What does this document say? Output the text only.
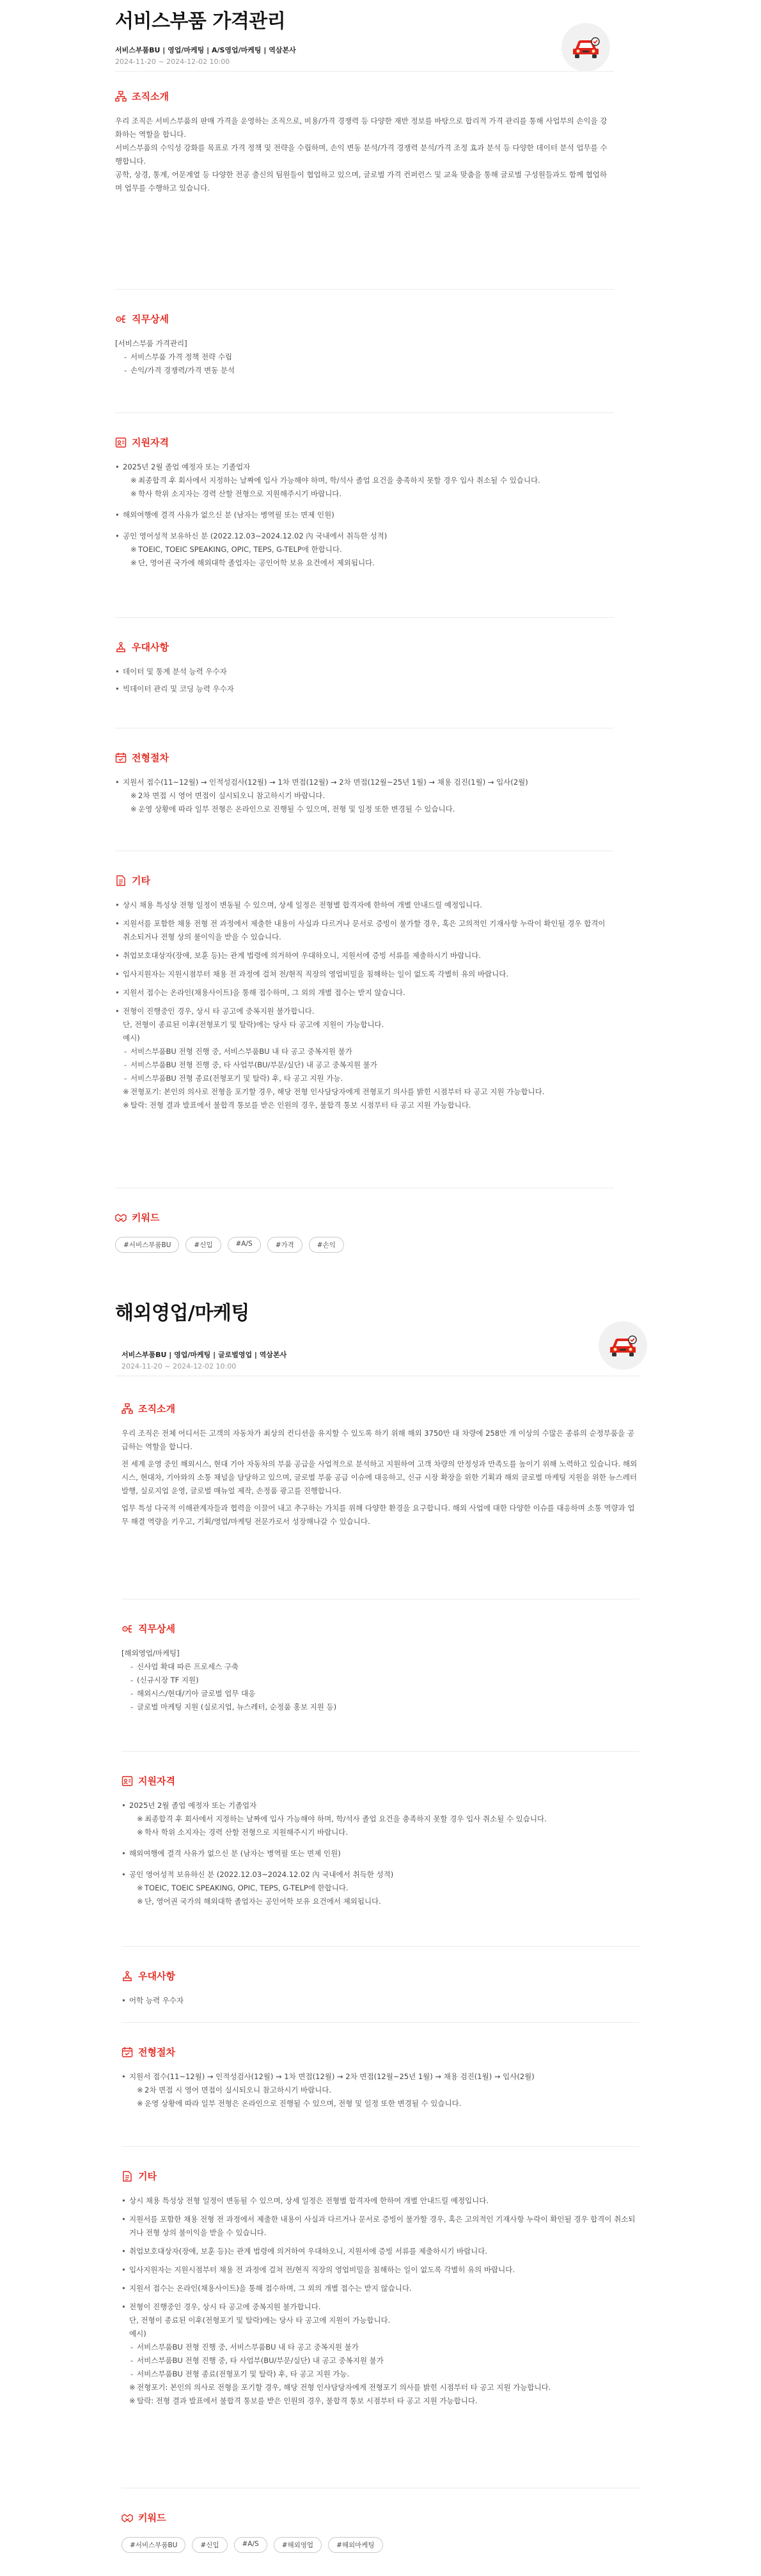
서비스부품 가격관리
서비스부품BU | 영업/마케팅 | A/S영업/마케팅 | 역삼본사
2024-11-20 ~ 2024-12-02 10:00
조직소개

우리 조직은 서비스부품의 판매 가격을 운영하는 조직으로, 비용/가격 경쟁력 등 다양한 재반 정보를 바탕으로 합리적 가격 관리를 통해 사업부의 손익을 강화하는 역할을 합니다.

서비스부품의 수익성 강화를 목표로 가격 정책 및 전략을 수립하며, 손익 변동 분석/가격 경쟁력 분석/가격 조정 효과 분석 등 다양한 데이터 분석 업무를 수행합니다.

공학, 상경, 통계, 어문계열 등 다양한 전공 출신의 팀원들이 협업하고 있으며, 글로벌 가격 컨퍼런스 및 교육 맞춤을 통해 글로벌 구성원들과도 함께 협업하며 업무를 수행하고 있습니다.

직무상세

[서비스부품 가격관리]

- 서비스부품 가격 정책 전략 수립
- 손익/가격 경쟁력/가격 변동 분석
지원자격
• 2025년 2월 졸업 예정자 또는 기졸업자
※ 최종합격 후 회사에서 지정하는 날짜에 입사 가능해야 하며, 학/석사 졸업 요건을 충족하지 못할 경우 입사 취소될 수 있습니다.
※ 학사 학위 소지자는 경력 산할 전형으로 지원해주시기 바랍니다.
• 해외여행에 결격 사유가 없으신 분 (남자는 병역필 또는 면제 인원)
• 공인 영어성적 보유하신 분 (2022.12.03~2024.12.02 內 국내에서 취득한 성적)
※ TOEIC, TOEIC SPEAKING, OPIC, TEPS, G-TELP에 한합니다.
※ 단, 영어권 국가에 해외대학 졸업자는 공인어학 보유 요건에서 제외됩니다.
우대사항
• 데이터 및 통계 분석 능력 우수자
• 빅데이터 관리 및 코딩 능력 우수자
전형절차
• 지원서 접수(11~12월) → 인적성검사(12월) → 1차 면접(12월) → 2차 면접(12월~25년 1월) → 채용 검진(1월) → 입사(2월)
※ 2차 면접 시 영어 면접이 실시되오니 참고하시기 바랍니다.
※ 운영 상황에 따라 일부 전형은 온라인으로 진행될 수 있으며, 전형 및 일정 또한 변경될 수 있습니다.
기타
• 상시 채용 특성상 전형 일정이 변동될 수 있으며, 상세 일정은 전형별 합격자에 한하여 개별 안내드릴 예정입니다.
• 지원서를 포함한 채용 전형 전 과정에서 제출한 내용이 사실과 다르거나 문서로 증빙이 불가할 경우, 혹은 고의적인 기재사항 누락이 확인될 경우 합격이 취소되거나 전형 상의 불이익을 받을 수 있습니다.
• 취업보호대상자(장애, 보훈 등)는 관계 법령에 의거하여 우대하오니, 지원서에 증빙 서류를 제출하시기 바랍니다.
• 입사지원자는 지원시점부터 채용 전 과정에 걸쳐 전/현직 직장의 영업비밀을 침해하는 일이 없도록 각별히 유의 바랍니다.
• 지원서 접수는 온라인(채용사이트)을 통해 접수하며, 그 외의 개별 접수는 받지 않습니다.
• 전형이 진행중인 경우, 상시 타 공고에 중복지원 불가합니다.

단, 전형이 종료된 이후(전형포기 및 탈락)에는 당사 타 공고에 지원이 가능합니다.

예시)

- 서비스부품BU 전형 진행 중, 서비스부품BU 내 타 공고 중복지원 불가
- 서비스부품BU 전형 진행 중, 타 사업부(BU/부문/실단) 내 공고 중복지원 불가
- 서비스부품BU 전형 종료(전형포기 및 탈락) 후, 타 공고 지원 가능.
※ 전형포기: 본인의 의사로 전형을 포기할 경우, 해당 전형 인사담당자에게 전형포기 의사를 밝힌 시점부터 타 공고 지원 가능합니다.
※ 탈락: 전형 결과 발표에서 불합격 통보를 받은 인원의 경우, 불합격 통보 시점부터 타 공고 지원 가능합니다.
키워드
#서비스부품BU	#신입	#A/S	#가격	#손익
해외영업/마케팅
서비스부품BU | 영업/마케팅 | 글로벌영업 | 역삼본사
2024-11-20 ~ 2024-12-02 10:00
조직소개

우리 조직은 전체 어디서든 고객의 자동차가 최상의 컨디션을 유지할 수 있도록 하기 위해 해외 3750만 대 차량에 258만 개 이상의 수많은 종류의 순정부품을 공급하는 역할을 합니다.

전 세계 운영 중인 해외시스, 현대 기아 자동차의 부품 공급을 사업적으로 분석하고 지원하여 고객 차량의 안정성과 만족도를 높이기 위해 노력하고 있습니다. 해외시스, 현대차, 기아와의 소통 채널을 담당하고 있으며, 글로벌 부품 공급 이슈에 대응하고, 신규 시장 확장을 위한 기획과 해외 글로벌 마케팅 지원을 위한 뉴스레터 발행, 실로지업 운영, 글로벌 매뉴얼 제작, 손정품 광고를 진행합니다.

업무 특성 다국적 이해관계자들과 협력을 이끌어 내고 추구하는 가치를 위해 다양한 환경을 요구합니다. 해외 사업에 대한 다양한 이슈를 대응하며 소통 역량과 업무 해결 역량을 키우고, 기획/영업/마케팅 전문가로서 성장해나갈 수 있습니다.

직무상세

[해외영업/마케팅]

- 신사업 확대 따른 프로세스 구축
- (신규시장 TF 지원)
- 해외시스/현대/기아 글로벌 업무 대응
- 글로벌 마케팅 지원 (실로지업, 뉴스레터, 순정품 홍보 지원 등)
지원자격
• 2025년 2월 졸업 예정자 또는 기졸업자
※ 최종합격 후 회사에서 지정하는 날짜에 입사 가능해야 하며, 학/석사 졸업 요건을 충족하지 못할 경우 입사 취소될 수 있습니다.
※ 학사 학위 소지자는 경력 산할 전형으로 지원해주시기 바랍니다.
• 해외여행에 결격 사유가 없으신 분 (남자는 병역필 또는 면제 인원)
• 공인 영어성적 보유하신 분 (2022.12.03~2024.12.02 內 국내에서 취득한 성적)
※ TOEIC, TOEIC SPEAKING, OPIC, TEPS, G-TELP에 한합니다.
※ 단, 영어권 국가의 해외대학 졸업자는 공인어학 보유 요건에서 제외됩니다.
우대사항
• 어학 능력 우수자
전형절차
• 지원서 접수(11~12월) → 인적성검사(12월) → 1차 면접(12월) → 2차 면접(12월~25년 1월) → 채용 검진(1월) → 입사(2월)
※ 2차 면접 시 영어 면접이 실시되오니 참고하시기 바랍니다.
※ 운영 상황에 따라 일부 전형은 온라인으로 진행될 수 있으며, 전형 및 일정 또한 변경될 수 있습니다.
기타
• 상시 채용 특성상 전형 일정이 변동될 수 있으며, 상세 일정은 전형별 합격자에 한하여 개별 안내드릴 예정입니다.
• 지원서를 포함한 채용 전형 전 과정에서 제출한 내용이 사실과 다르거나 문서로 증빙이 불가할 경우, 혹은 고의적인 기재사항 누락이 확인될 경우 합격이 취소되거나 전형 상의 불이익을 받을 수 있습니다.
• 취업보호대상자(장애, 보훈 등)는 관계 법령에 의거하여 우대하오니, 지원서에 증빙 서류를 제출하시기 바랍니다.
• 입사지원자는 지원시점부터 채용 전 과정에 걸쳐 전/현직 직장의 영업비밀을 침해하는 일이 없도록 각별히 유의 바랍니다.
• 지원서 접수는 온라인(채용사이트)을 통해 접수하며, 그 외의 개별 접수는 받지 않습니다.
• 전형이 진행중인 경우, 상시 타 공고에 중복지원 불가합니다.

단, 전형이 종료된 이후(전형포기 및 탈락)에는 당사 타 공고에 지원이 가능합니다.

예시)

- 서비스부품BU 전형 진행 중, 서비스부품BU 내 타 공고 중복지원 불가
- 서비스부품BU 전형 진행 중, 타 사업부(BU/부문/실단) 내 공고 중복지원 불가
- 서비스부품BU 전형 종료(전형포기 및 탈락) 후, 타 공고 지원 가능.
※ 전형포기: 본인의 의사로 전형을 포기할 경우, 해당 전형 인사담당자에게 전형포기 의사를 밝힌 시점부터 타 공고 지원 가능합니다.
※ 탈락: 전형 결과 발표에서 불합격 통보를 받은 인원의 경우, 불합격 통보 시점부터 타 공고 지원 가능합니다.
키워드
#서비스부품BU	#신입	#A/S	#해외영업	#해외마케팅
